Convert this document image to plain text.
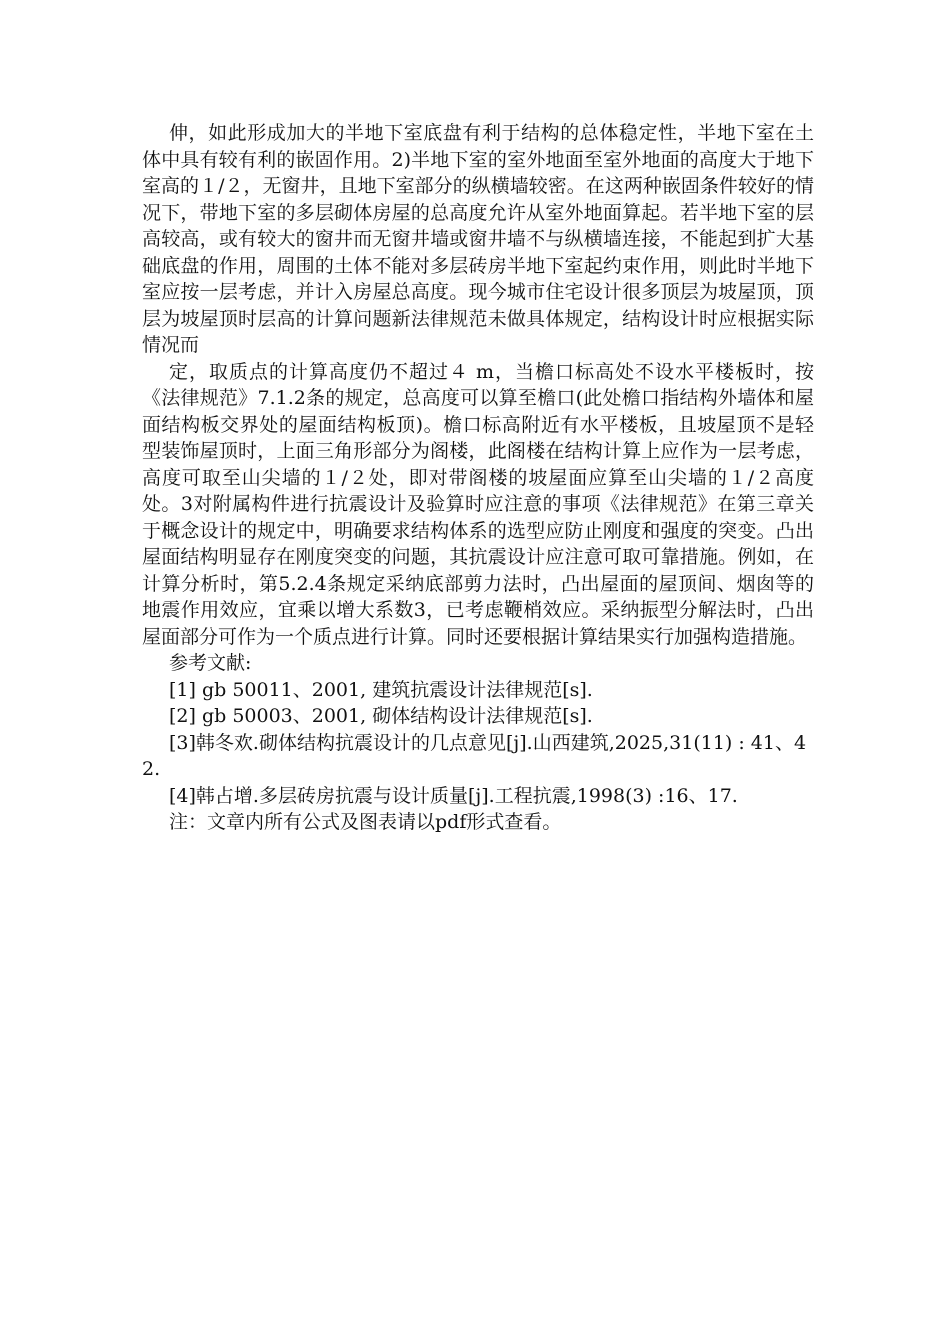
伸，如此形成加大的半地下室底盘有利于结构的总体稳定性，半地下室在土体中具有较有利的嵌固作用。2)半地下室的室外地面至室外地面的高度大于地下室高的１/２，无窗井，且地下室部分的纵横墙较密。在这两种嵌固条件较好的情况下，带地下室的多层砌体房屋的总高度允许从室外地面算起。若半地下室的层高较高，或有较大的窗井而无窗井墙或窗井墙不与纵横墙连接，不能起到扩大基础底盘的作用，周围的土体不能对多层砖房半地下室起约束作用，则此时半地下室应按一层考虑，并计入房屋总高度。现今城市住宅设计很多顶层为坡屋顶，顶层为坡屋顶时层高的计算问题新法律规范未做具体规定，结构设计时应根据实际情况而

定，取质点的计算高度仍不超过４ m，当檐口标高处不设水平楼板时，按《法律规范》7.1.2条的规定，总高度可以算至檐口(此处檐口指结构外墙体和屋面结构板交界处的屋面结构板顶)。檐口标高附近有水平楼板，且坡屋顶不是轻型装饰屋顶时，上面三角形部分为阁楼，此阁楼在结构计算上应作为一层考虑，高度可取至山尖墙的１/２处，即对带阁楼的坡屋面应算至山尖墙的１/２高度处。3对附属构件进行抗震设计及验算时应注意的事项《法律规范》在第三章关于概念设计的规定中，明确要求结构体系的选型应防止刚度和强度的突变。凸出屋面结构明显存在刚度突变的问题，其抗震设计应注意可取可靠措施。例如，在计算分析时，第5.2.4条规定采纳底部剪力法时，凸出屋面的屋顶间、烟囱等的地震作用效应，宜乘以增大系数3，已考虑鞭梢效应。采纳振型分解法时，凸出屋面部分可作为一个质点进行计算。同时还要根据计算结果实行加强构造措施。

参考文献:

[1] gb 50011、2001, 建筑抗震设计法律规范[s].

[2] gb 50003、2001, 砌体结构设计法律规范[s].

[3]韩冬欢.砌体结构抗震设计的几点意见[j].山西建筑,2025,31(11) : 41、42.

[4]韩占增.多层砖房抗震与设计质量[j].工程抗震,1998(3) :16、17.

注：文章内所有公式及图表请以pdf形式查看。
